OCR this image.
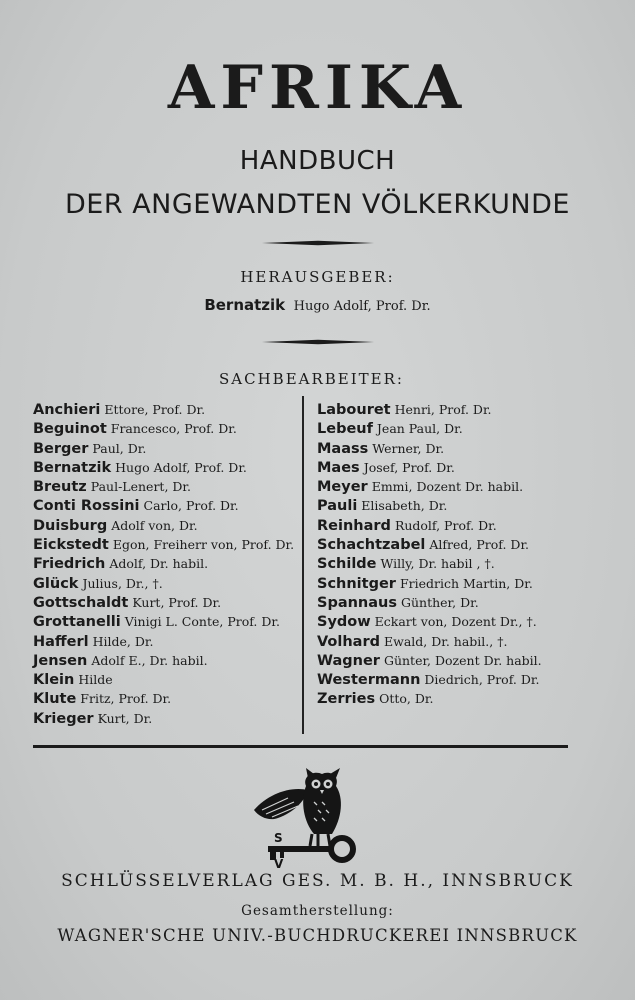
AFRIKA
HANDBUCH
DER ANGEWANDTEN VÖLKERKUNDE
HERAUSGEBER:
Bernatzik Hugo Adolf, Prof. Dr.
SACHBEARBEITER:
Anchieri Ettore, Prof. Dr.
Beguinot Francesco, Prof. Dr.
Berger Paul, Dr.
Bernatzik Hugo Adolf, Prof. Dr.
Breutz Paul-Lenert, Dr.
Conti Rossini Carlo, Prof. Dr.
Duisburg Adolf von, Dr.
Eickstedt Egon, Freiherr von, Prof. Dr.
Friedrich Adolf, Dr. habil.
Glück Julius, Dr., †.
Gottschaldt Kurt, Prof. Dr.
Grottanelli Vinigi L. Conte, Prof. Dr.
Hafferl Hilde, Dr.
Jensen Adolf E., Dr. habil.
Klein Hilde
Klute Fritz, Prof. Dr.
Krieger Kurt, Dr.
Labouret Henri, Prof. Dr.
Lebeuf Jean Paul, Dr.
Maass Werner, Dr.
Maes Josef, Prof. Dr.
Meyer Emmi, Dozent Dr. habil.
Pauli Elisabeth, Dr.
Reinhard Rudolf, Prof. Dr.
Schachtzabel Alfred, Prof. Dr.
Schilde Willy, Dr. habil , †.
Schnitger Friedrich Martin, Dr.
Spannaus Günther, Dr.
Sydow Eckart von, Dozent Dr., †.
Volhard Ewald, Dr. habil., †.
Wagner Günter, Dozent Dr. habil.
Westermann Diedrich, Prof. Dr.
Zerries Otto, Dr.
S
V
SCHLÜSSELVERLAG GES. M. B. H., INNSBRUCK
Gesamtherstellung:
WAGNER'SCHE UNIV.-BUCHDRUCKEREI INNSBRUCK
